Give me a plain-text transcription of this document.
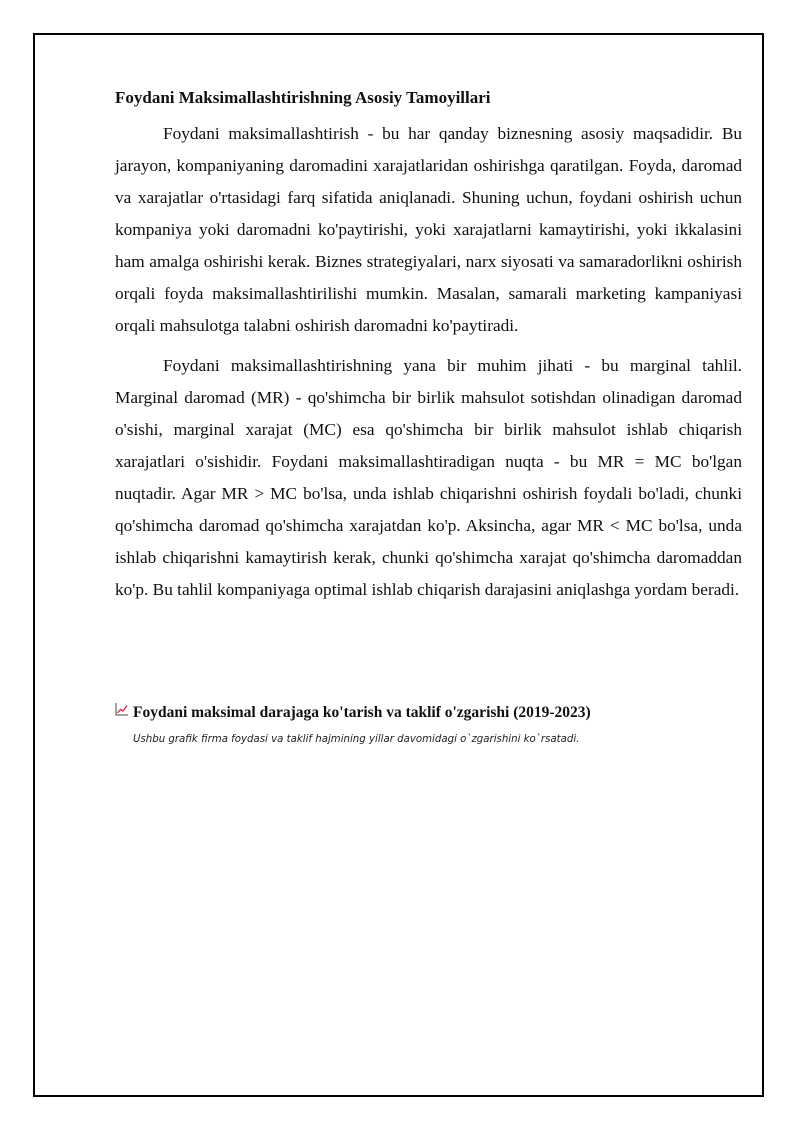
Foydani Maksimallashtirishning Asosiy Tamoyillari

Foydani maksimallashtirish - bu har qanday biznesning asosiy maqsadidir. Bu jarayon, kompaniyaning daromadini xarajatlaridan oshirishga qaratilgan. Foyda, daromad va xarajatlar o'rtasidagi farq sifatida aniqlanadi. Shuning uchun, foydani oshirish uchun kompaniya yoki daromadni ko'paytirishi, yoki xarajatlarni kamaytirishi, yoki ikkalasini ham amalga oshirishi kerak. Biznes strategiyalari, narx siyosati va samaradorlikni oshirish orqali foyda maksimallashtirilishi mumkin. Masalan, samarali marketing kampaniyasi orqali mahsulotga talabni oshirish daromadni ko'paytiradi.

Foydani maksimallashtirishning yana bir muhim jihati - bu marginal tahlil. Marginal daromad (MR) - qo'shimcha bir birlik mahsulot sotishdan olinadigan daromad o'sishi, marginal xarajat (MC) esa qo'shimcha bir birlik mahsulot ishlab chiqarish xarajatlari o'sishidir. Foydani maksimallashtiradigan nuqta - bu MR = MC bo'lgan nuqtadir. Agar MR > MC bo'lsa, unda ishlab chiqarishni oshirish foydali bo'ladi, chunki qo'shimcha daromad qo'shimcha xarajatdan ko'p. Aksincha, agar MR < MC bo'lsa, unda ishlab chiqarishni kamaytirish kerak, chunki qo'shimcha xarajat qo'shimcha daromaddan ko'p. Bu tahlil kompaniyaga optimal ishlab chiqarish darajasini aniqlashga yordam beradi.

Foydani maksimal darajaga ko'tarish va taklif o'zgarishi (2019-2023)
Ushbu grafik firma foydasi va taklif hajmining yillar davomidagi o`zgarishini ko`rsatadi.
